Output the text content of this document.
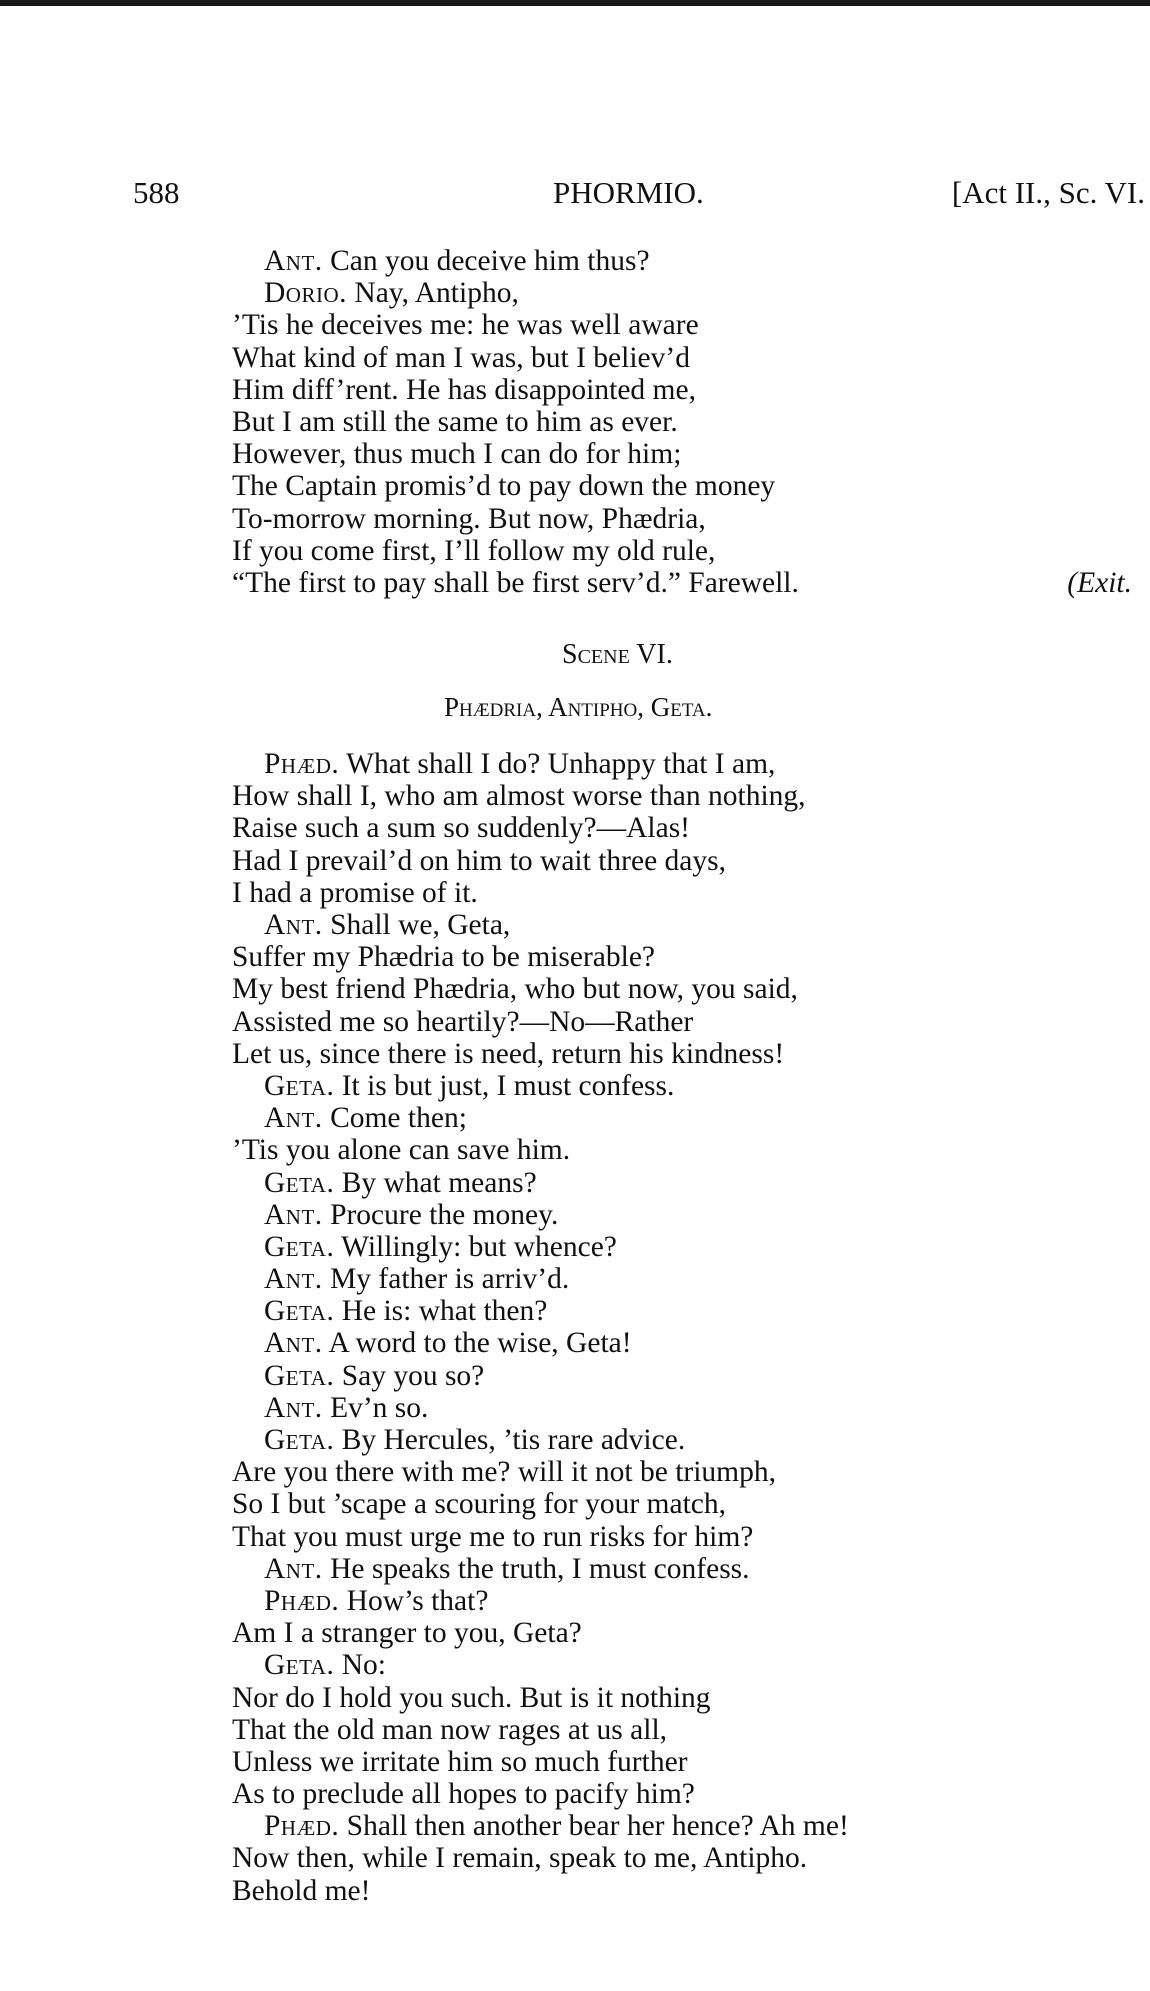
588	PHORMIO.	[Act II., Sc. VI.
Ant. Can you deceive him thus?
Dorio. Nay, Antipho,
’Tis he deceives me: he was well aware
What kind of man I was, but I believ’d
Him diff’rent. He has disappointed me,
But I am still the same to him as ever.
However, thus much I can do for him;
The Captain promis’d to pay down the money
To-morrow morning. But now, Phædria,
If you come first, I’ll follow my old rule,
“The first to pay shall be first serv’d.” Farewell.	(Exit.
Scene VI.
Phædria, Antipho, Geta.
Phæd. What shall I do? Unhappy that I am,
How shall I, who am almost worse than nothing,
Raise such a sum so suddenly?—Alas!
Had I prevail’d on him to wait three days,
I had a promise of it.
Ant. Shall we, Geta,
Suffer my Phædria to be miserable?
My best friend Phædria, who but now, you said,
Assisted me so heartily?—No—Rather
Let us, since there is need, return his kindness!
Geta. It is but just, I must confess.
Ant. Come then;
’Tis you alone can save him.
Geta. By what means?
Ant. Procure the money.
Geta. Willingly: but whence?
Ant. My father is arriv’d.
Geta. He is: what then?
Ant. A word to the wise, Geta!
Geta. Say you so?
Ant. Ev’n so.
Geta. By Hercules, ’tis rare advice.
Are you there with me? will it not be triumph,
So I but ’scape a scouring for your match,
That you must urge me to run risks for him?
Ant. He speaks the truth, I must confess.
Phæd. How’s that?
Am I a stranger to you, Geta?
Geta. No:
Nor do I hold you such. But is it nothing
That the old man now rages at us all,
Unless we irritate him so much further
As to preclude all hopes to pacify him?
Phæd. Shall then another bear her hence? Ah me!
Now then, while I remain, speak to me, Antipho.
Behold me!
